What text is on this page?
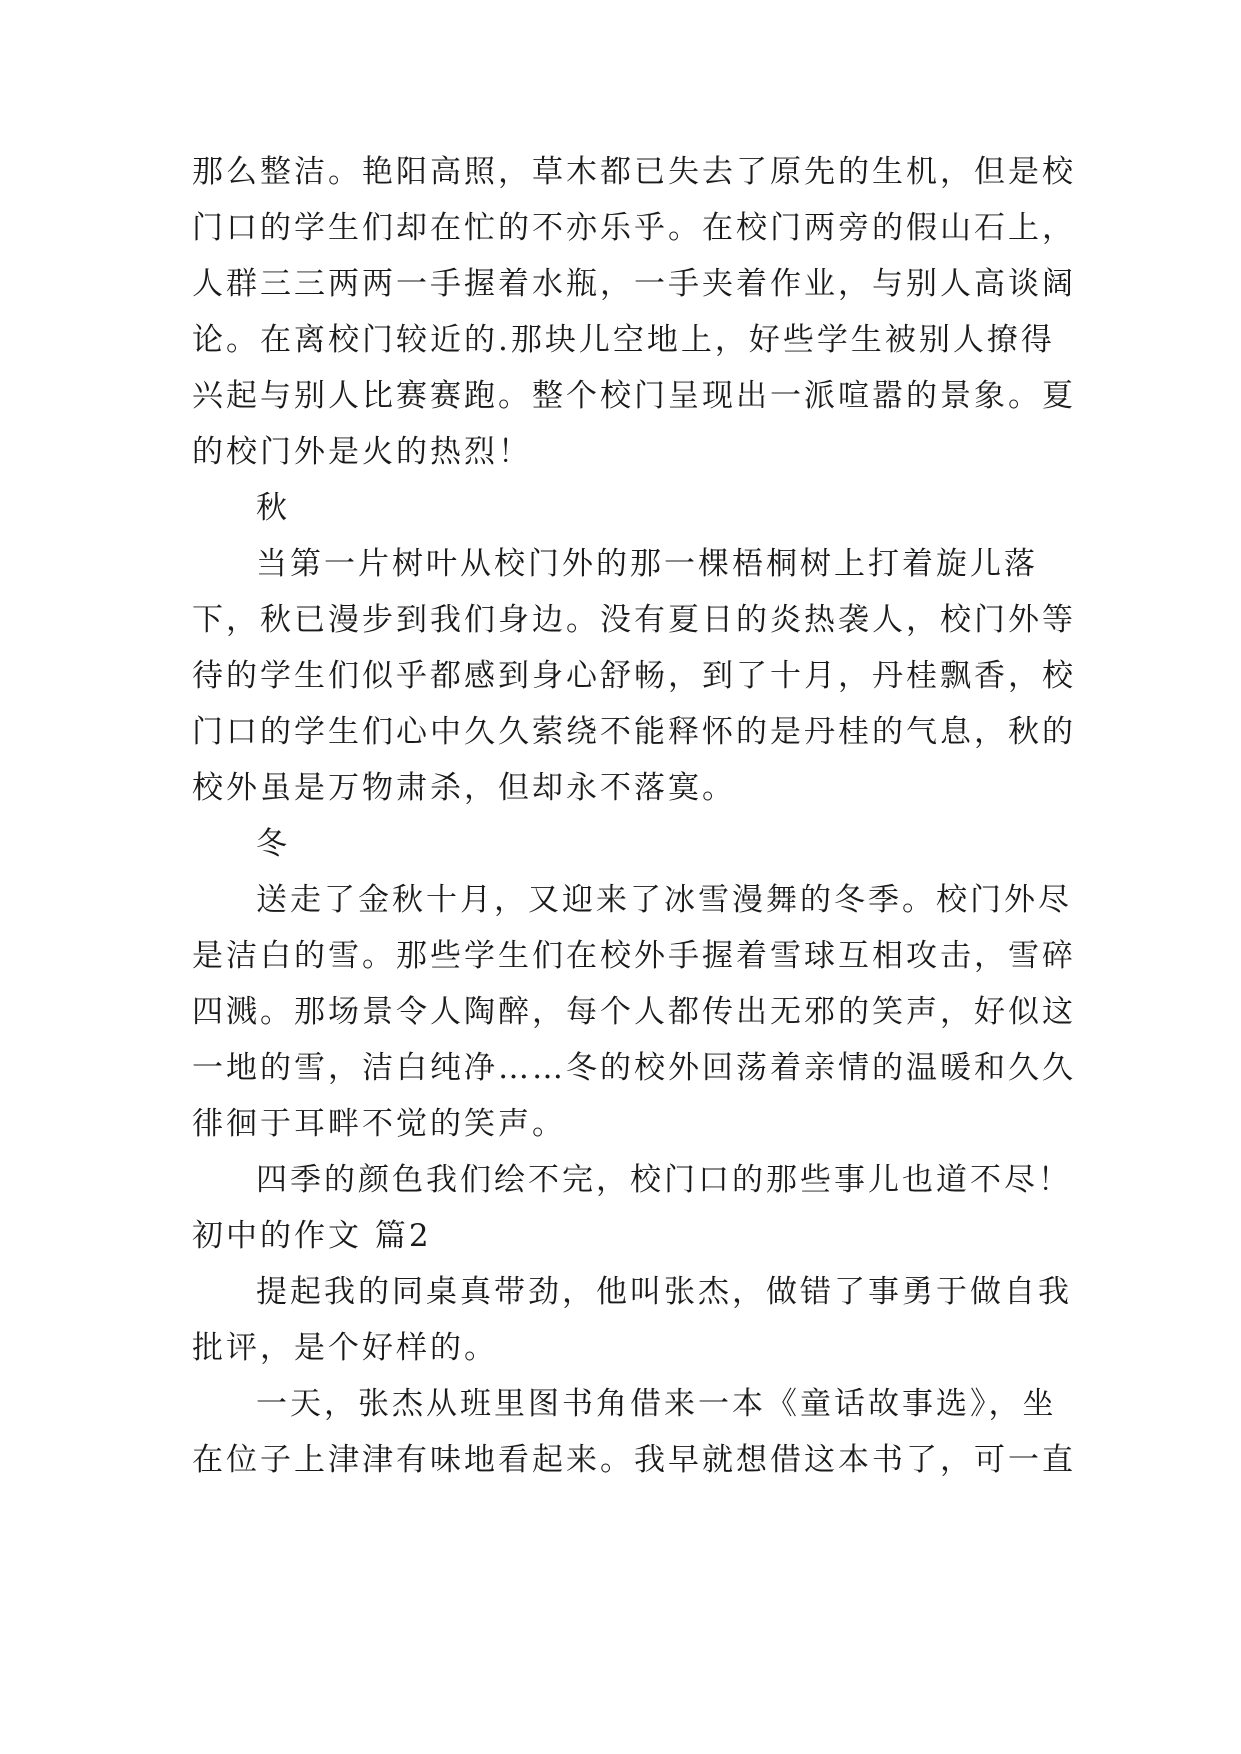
那么整洁。艳阳高照，草木都已失去了原先的生机，但是校
门口的学生们却在忙的不亦乐乎。在校门两旁的假山石上，
人群三三两两一手握着水瓶，一手夹着作业，与别人高谈阔
论。在离校门较近的.那块儿空地上，好些学生被别人撩得
兴起与别人比赛赛跑。整个校门呈现出一派喧嚣的景象。夏
的校门外是火的热烈！
秋
当第一片树叶从校门外的那一棵梧桐树上打着旋儿落
下，秋已漫步到我们身边。没有夏日的炎热袭人，校门外等
待的学生们似乎都感到身心舒畅，到了十月，丹桂飘香，校
门口的学生们心中久久萦绕不能释怀的是丹桂的气息，秋的
校外虽是万物肃杀，但却永不落寞。
冬
送走了金秋十月，又迎来了冰雪漫舞的冬季。校门外尽
是洁白的雪。那些学生们在校外手握着雪球互相攻击，雪碎
四溅。那场景令人陶醉，每个人都传出无邪的笑声，好似这
一地的雪，洁白纯净……冬的校外回荡着亲情的温暖和久久
徘徊于耳畔不觉的笑声。
四季的颜色我们绘不完，校门口的那些事儿也道不尽！
初中的作文 篇2
提起我的同桌真带劲，他叫张杰，做错了事勇于做自我
批评，是个好样的。
一天，张杰从班里图书角借来一本《童话故事选》，坐
在位子上津津有味地看起来。我早就想借这本书了，可一直
